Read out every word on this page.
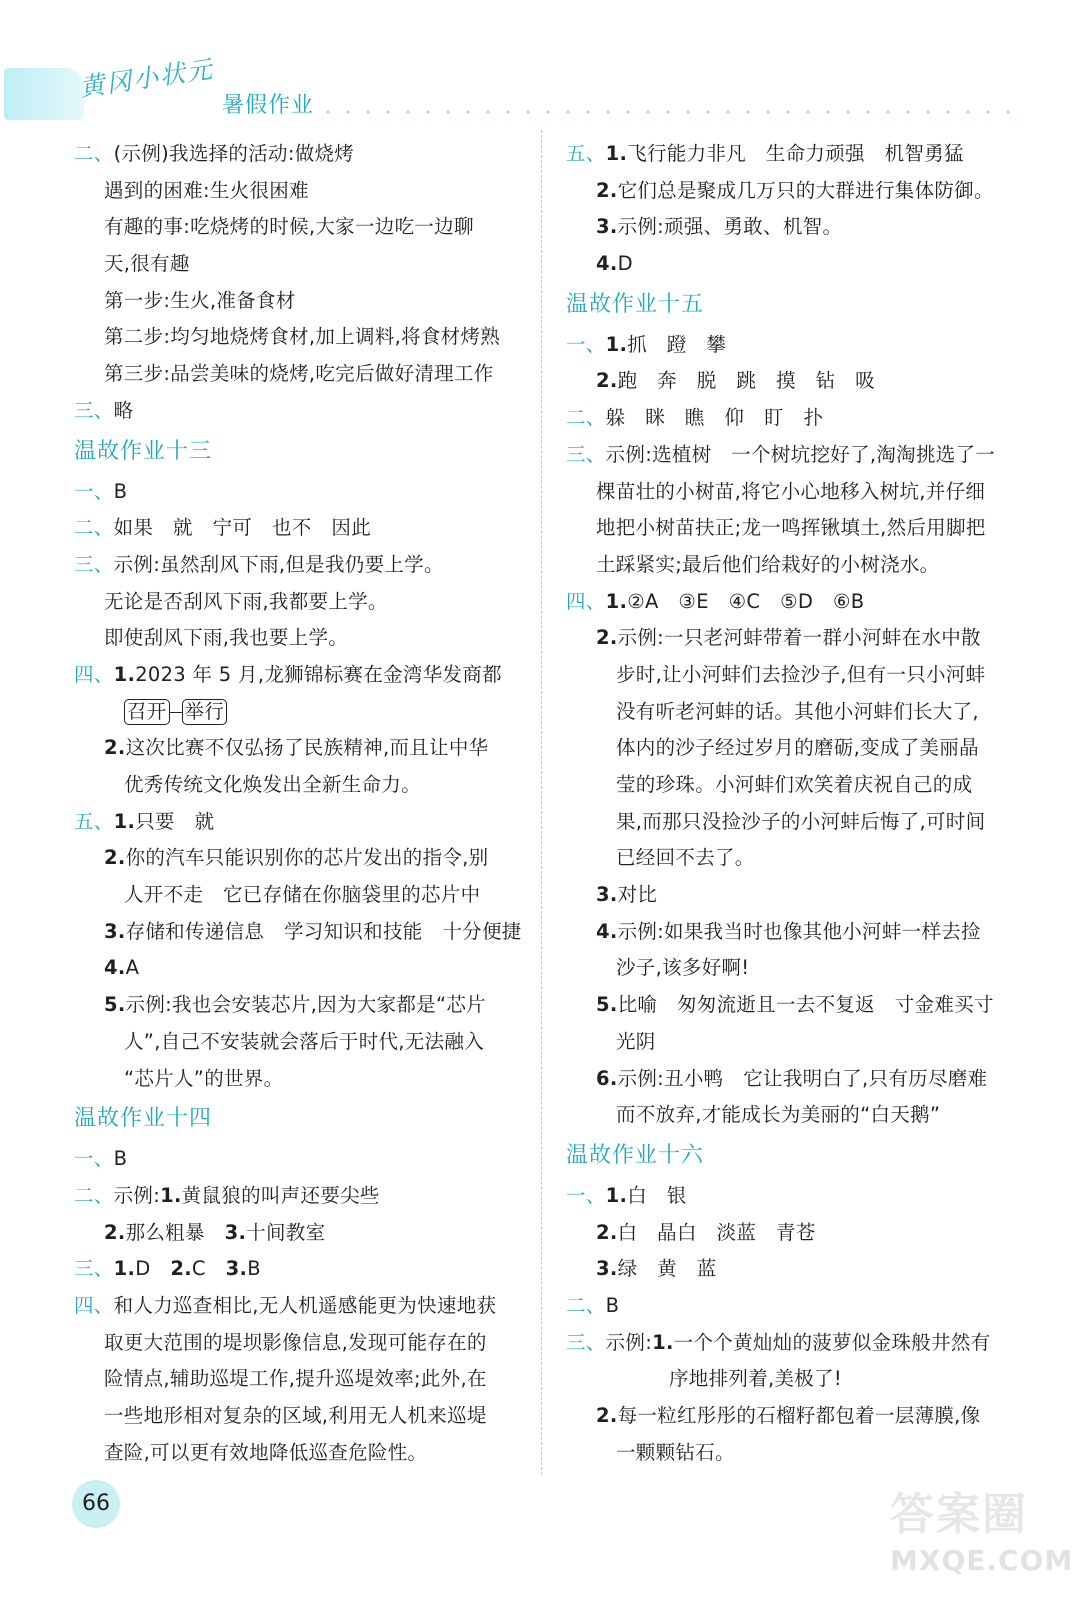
黄冈小状元
暑假作业
二、(示例)我选择的活动:做烧烤
遇到的困难:生火很困难
有趣的事:吃烧烤的时候,大家一边吃一边聊
天,很有趣
第一步:生火,准备食材
第二步:均匀地烧烤食材,加上调料,将食材烤熟
第三步:品尝美味的烧烤,吃完后做好清理工作
三、略
温故作业十三
一、B
二、如果　就　宁可　也不　因此
三、示例:虽然刮风下雨,但是我仍要上学。
无论是否刮风下雨,我都要上学。
即使刮风下雨,我也要上学。
四、1.2023 年 5 月,龙狮锦标赛在金湾华发商都
召开 举行
2.这次比赛不仅弘扬了民族精神,而且让中华
优秀传统文化焕发出全新生命力。
五、1.只要　就
2.你的汽车只能识别你的芯片发出的指令,别
人开不走　它已存储在你脑袋里的芯片中
3.存储和传递信息　学习知识和技能　十分便捷
4.A
5.示例:我也会安装芯片,因为大家都是“芯片
人”,自己不安装就会落后于时代,无法融入
“芯片人”的世界。
温故作业十四
一、B
二、示例:1.黄鼠狼的叫声还要尖些
2.那么粗暴　 3.十间教室
三、1.D　 2.C　 3.B
四、和人力巡查相比,无人机遥感能更为快速地获
取更大范围的堤坝影像信息,发现可能存在的
险情点,辅助巡堤工作,提升巡堤效率;此外,在
一些地形相对复杂的区域,利用无人机来巡堤
查险,可以更有效地降低巡查危险性。
五、1.飞行能力非凡　生命力顽强　机智勇猛
2.它们总是聚成几万只的大群进行集体防御。
3.示例:顽强、勇敢、机智。
4.D
温故作业十五
一、1.抓　蹬　攀
2.跑　奔　脱　跳　摸　钻　吸
二、躲　眯　瞧　仰　盯　扑
三、示例:选植树　一个树坑挖好了,淘淘挑选了一
棵苗壮的小树苗,将它小心地移入树坑,并仔细
地把小树苗扶正;龙一鸣挥锹填土,然后用脚把
土踩紧实;最后他们给栽好的小树浇水。
四、1.②A　③E　④C　⑤D　⑥B
2.示例:一只老河蚌带着一群小河蚌在水中散
步时,让小河蚌们去捡沙子,但有一只小河蚌
没有听老河蚌的话。其他小河蚌们长大了,
体内的沙子经过岁月的磨砺,变成了美丽晶
莹的珍珠。小河蚌们欢笑着庆祝自己的成
果,而那只没捡沙子的小河蚌后悔了,可时间
已经回不去了。
3.对比
4.示例:如果我当时也像其他小河蚌一样去捡
沙子,该多好啊!
5.比喻　匆匆流逝且一去不复返　寸金难买寸
光阴
6.示例:丑小鸭　它让我明白了,只有历尽磨难
而不放弃,才能成长为美丽的“白天鹅”
温故作业十六
一、1.白　银
2.白　晶白　淡蓝　青苍
3.绿　黄　蓝
二、B
三、示例:1.一个个黄灿灿的菠萝似金珠般井然有
序地排列着,美极了!
2.每一粒红彤彤的石榴籽都包着一层薄膜,像
一颗颗钻石。
66	答案圈
MXQE.COM
